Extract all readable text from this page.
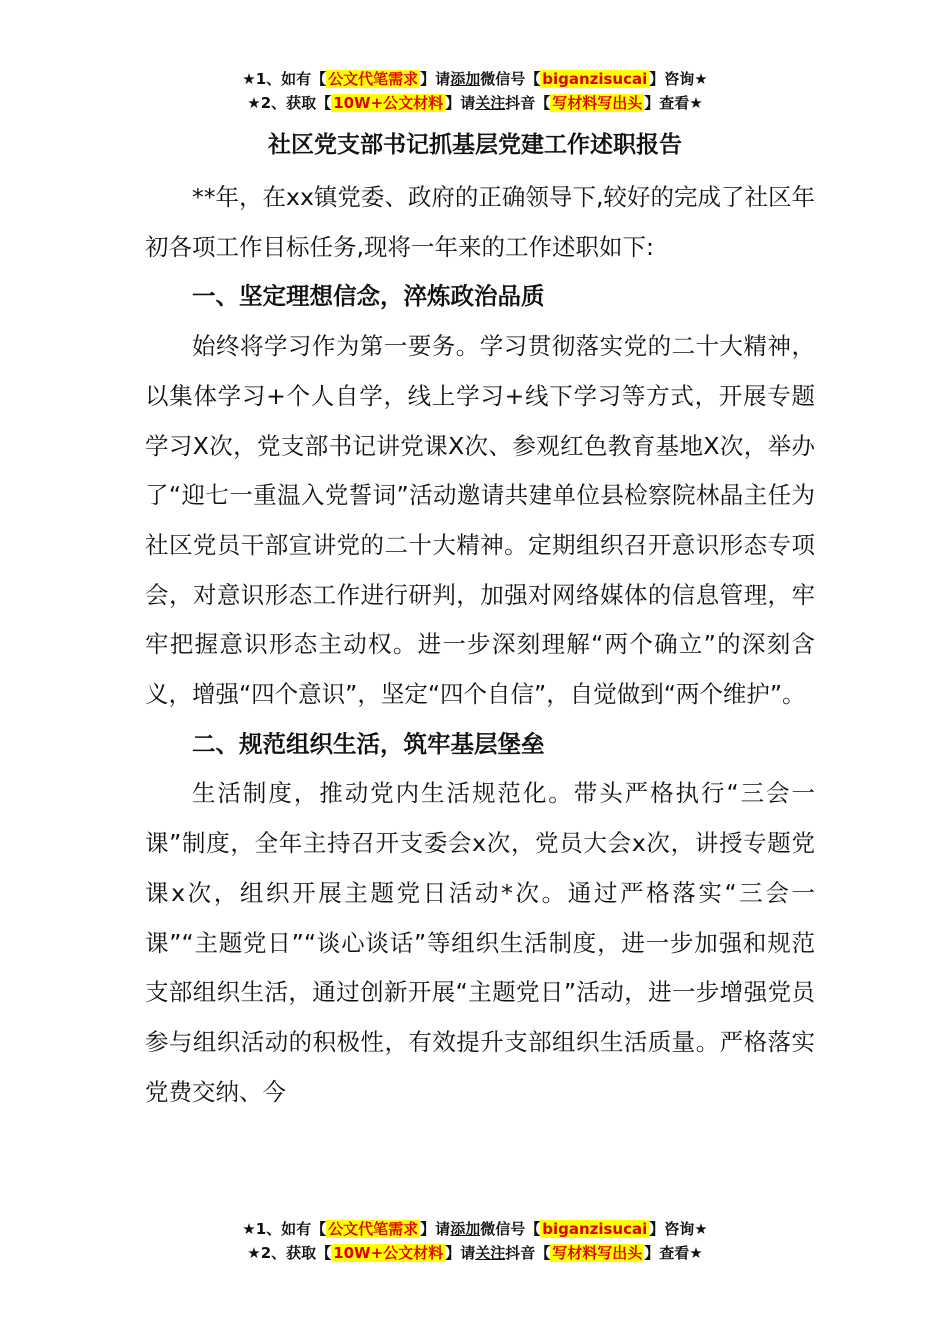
★1、如有【 公文代笔需求 】请添加微信号【 biganzisucai 】咨询★
★2、获取【 10W+公文材料 】请关注抖音【 写材料写出头 】查看★
社区党支部书记抓基层党建工作述职报告

**年，在xx镇党委、政府的正确领导下,较好的完成了社区年初各项工作目标任务,现将一年来的工作述职如下:

一、坚定理想信念，淬炼政治品质

始终将学习作为第一要务。学习贯彻落实党的二十大精神，以集体学习+个人自学，线上学习+线下学习等方式，开展专题学习X次，党支部书记讲党课X次、参观红色教育基地X次，举办了“迎七一重温入党誓词”活动邀请共建单位县检察院林晶主任为社区党员干部宣讲党的二十大精神。定期组织召开意识形态专项会，对意识形态工作进行研判，加强对网络媒体的信息管理，牢牢把握意识形态主动权。进一步深刻理解“两个确立”的深刻含义，增强“四个意识”，坚定“四个自信”，自觉做到“两个维护”。

二、规范组织生活，筑牢基层堡垒

生活制度，推动党内生活规范化。带头严格执行“三会一课”制度，全年主持召开支委会x次，党员大会x次，讲授专题党课x次，组织开展主题党日活动*次。通过严格落实“三会一课”“主题党日”“谈心谈话”等组织生活制度，进一步加强和规范支部组织生活，通过创新开展“主题党日”活动，进一步增强党员参与组织活动的积极性，有效提升支部组织生活质量。严格落实党费交纳、今

★1、如有【 公文代笔需求 】请添加微信号【 biganzisucai 】咨询★
★2、获取【 10W+公文材料 】请关注抖音【 写材料写出头 】查看★
